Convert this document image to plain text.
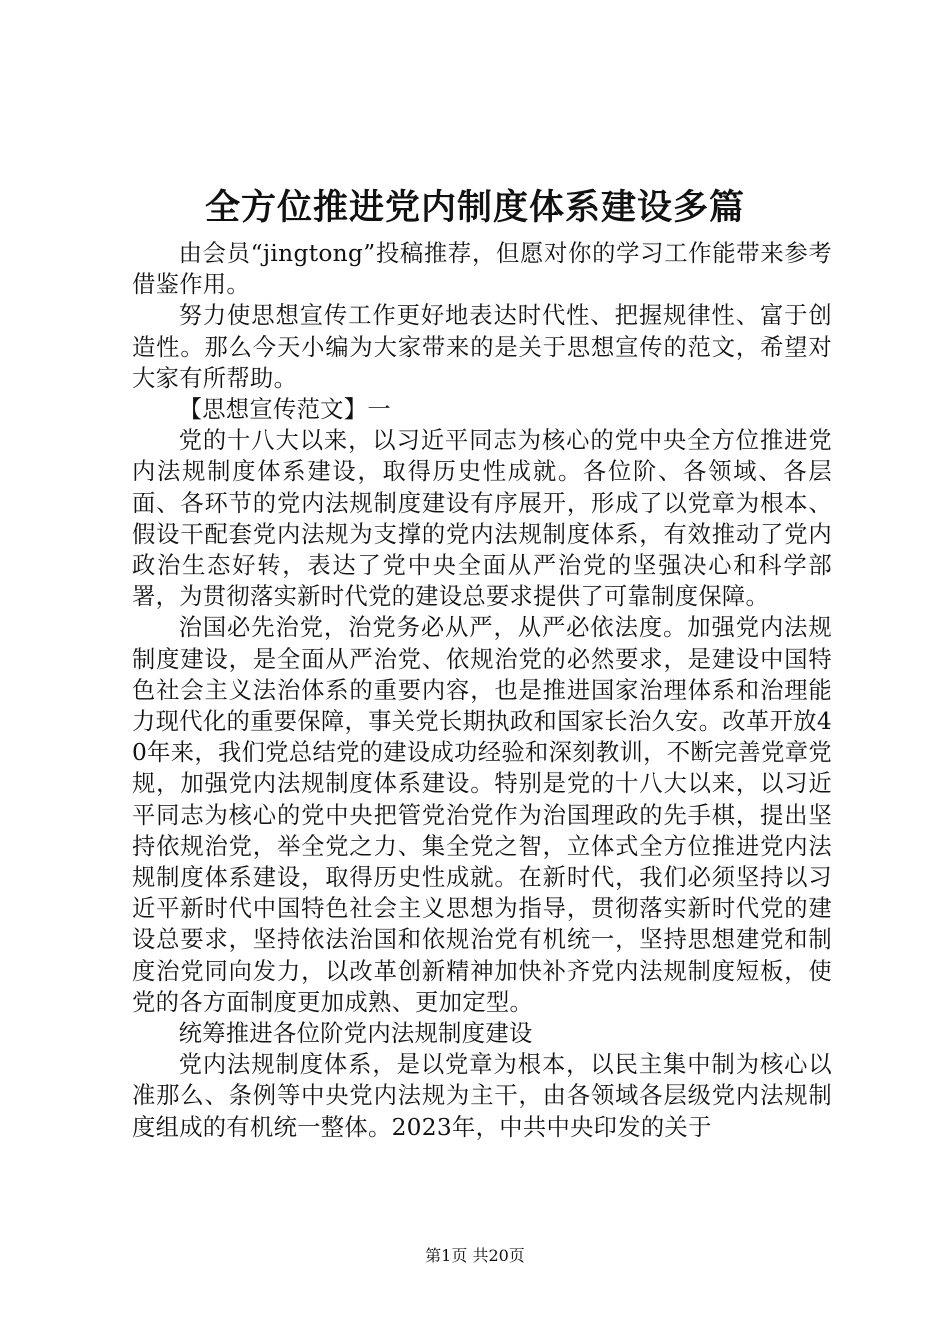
全方位推进党内制度体系建设多篇

由会员“jingtong”投稿推荐，但愿对你的学习工作能带来参考借鉴作用。

努力使思想宣传工作更好地表达时代性、把握规律性、富于创造性。那么今天小编为大家带来的是关于思想宣传的范文，希望对大家有所帮助。

【思想宣传范文】一

党的十八大以来，以习近平同志为核心的党中央全方位推进党内法规制度体系建设，取得历史性成就。各位阶、各领域、各层面、各环节的党内法规制度建设有序展开，形成了以党章为根本、假设干配套党内法规为支撑的党内法规制度体系，有效推动了党内政治生态好转，表达了党中央全面从严治党的坚强决心和科学部署，为贯彻落实新时代党的建设总要求提供了可靠制度保障。

治国必先治党，治党务必从严，从严必依法度。加强党内法规制度建设，是全面从严治党、依规治党的必然要求，是建设中国特色社会主义法治体系的重要内容，也是推进国家治理体系和治理能力现代化的重要保障，事关党长期执政和国家长治久安。改革开放40年来，我们党总结党的建设成功经验和深刻教训，不断完善党章党规，加强党内法规制度体系建设。特别是党的十八大以来，以习近平同志为核心的党中央把管党治党作为治国理政的先手棋，提出坚持依规治党，举全党之力、集全党之智，立体式全方位推进党内法规制度体系建设，取得历史性成就。在新时代，我们必须坚持以习近平新时代中国特色社会主义思想为指导，贯彻落实新时代党的建设总要求，坚持依法治国和依规治党有机统一，坚持思想建党和制度治党同向发力，以改革创新精神加快补齐党内法规制度短板，使党的各方面制度更加成熟、更加定型。

统筹推进各位阶党内法规制度建设

党内法规制度体系，是以党章为根本，以民主集中制为核心以准那么、条例等中央党内法规为主干，由各领域各层级党内法规制度组成的有机统一整体。2023年，中共中央印发的关于

第1页 共20页
